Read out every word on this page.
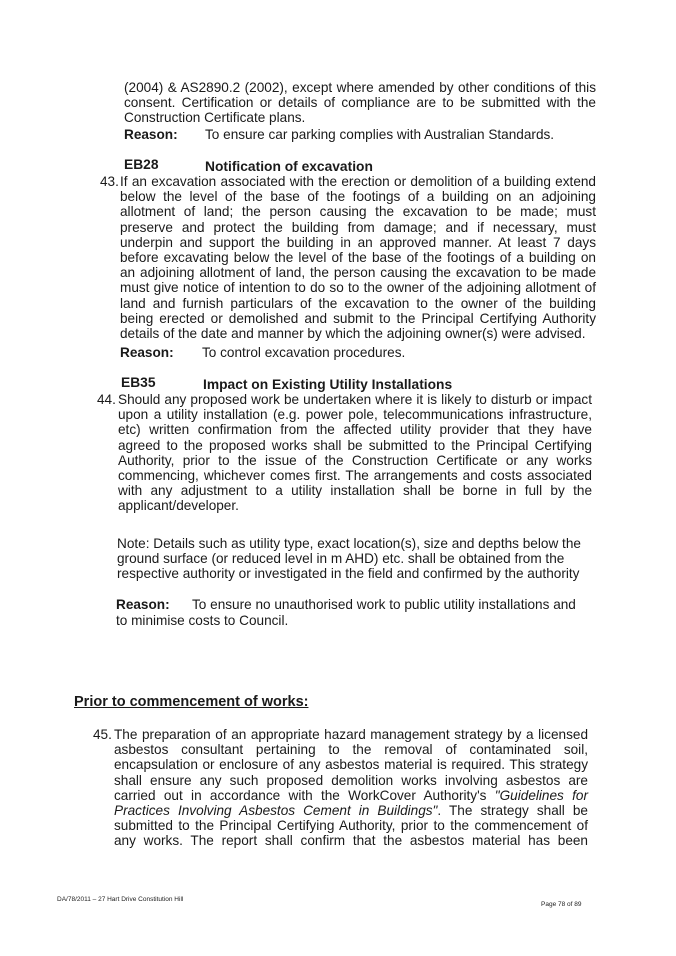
(2004) & AS2890.2 (2002), except where amended by other conditions of this
consent. Certification or details of compliance are to be submitted with the
Construction Certificate plans.
Reason: To ensure car parking complies with Australian Standards.
EB28	Notification of excavation
43. If an excavation associated with the erection or demolition of a building extend
below the level of the base of the footings of a building on an adjoining
allotment of land; the person causing the excavation to be made; must
preserve and protect the building from damage; and if necessary, must
underpin and support the building in an approved manner. At least 7 days
before excavating below the level of the base of the footings of a building on
an adjoining allotment of land, the person causing the excavation to be made
must give notice of intention to do so to the owner of the adjoining allotment of
land and furnish particulars of the excavation to the owner of the building
being erected or demolished and submit to the Principal Certifying Authority
details of the date and manner by which the adjoining owner(s) were advised.
Reason: To control excavation procedures.
EB35	Impact on Existing Utility Installations
44. Should any proposed work be undertaken where it is likely to disturb or impact
upon a utility installation (e.g. power pole, telecommunications infrastructure,
etc) written confirmation from the affected utility provider that they have
agreed to the proposed works shall be submitted to the Principal Certifying
Authority, prior to the issue of the Construction Certificate or any works
commencing, whichever comes first. The arrangements and costs associated
with any adjustment to a utility installation shall be borne in full by the
applicant/developer.
Note: Details such as utility type, exact location(s), size and depths below the
ground surface (or reduced level in m AHD) etc. shall be obtained from the
respective authority or investigated in the field and confirmed by the authority
Reason: To ensure no unauthorised work to public utility installations and
to minimise costs to Council.
Prior to commencement of works:
45. The preparation of an appropriate hazard management strategy by a licensed
asbestos consultant pertaining to the removal of contaminated soil,
encapsulation or enclosure of any asbestos material is required. This strategy
shall ensure any such proposed demolition works involving asbestos are
carried out in accordance with the WorkCover Authority's "Guidelines for
Practices Involving Asbestos Cement in Buildings". The strategy shall be
submitted to the Principal Certifying Authority, prior to the commencement of
any works. The report shall confirm that the asbestos material has been
DA/78/2011 – 27 Hart Drive Constitution Hill
Page 78 of 89
